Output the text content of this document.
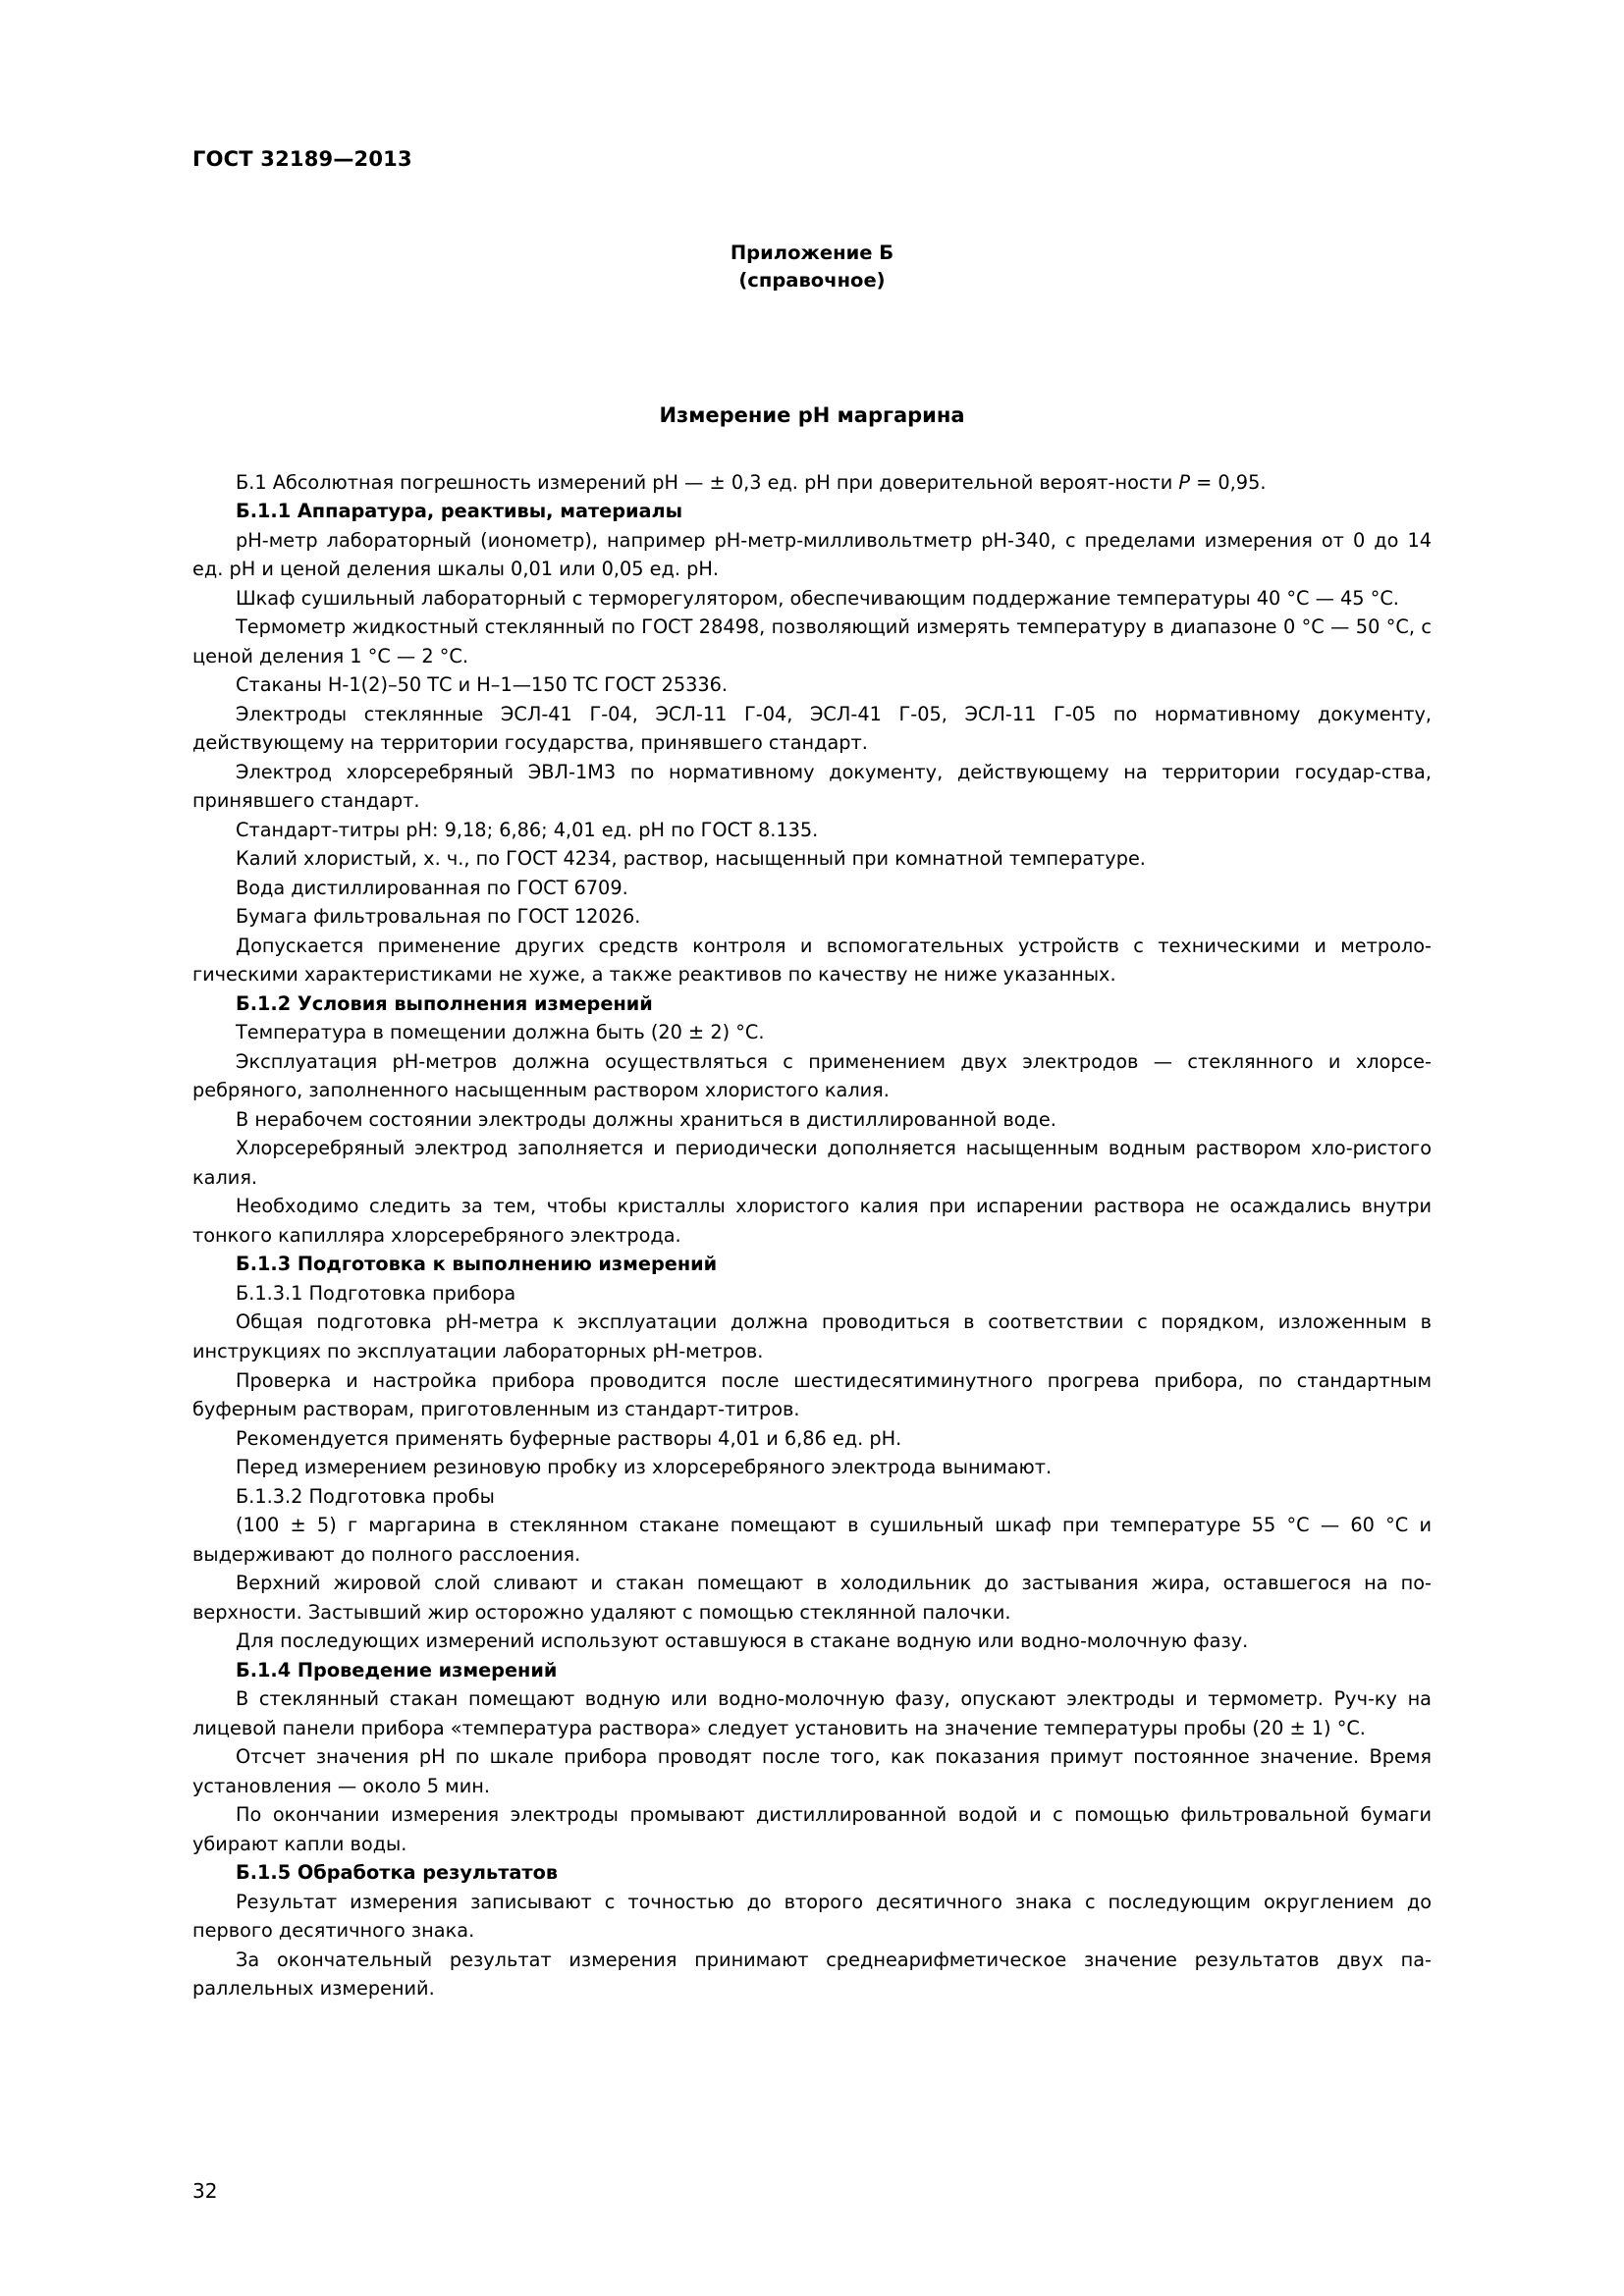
ГОСТ 32189—2013
Приложение Б
(справочное)
Измерение рН маргарина

Б.1 Абсолютная погрешность измерений рН — ± 0,3 ед. рН при доверительной вероят-ности P = 0,95.

Б.1.1 Аппаратура, реактивы, материалы

рН-метр лабораторный (ионометр), например рН-метр-милливольтметр рН-340, с пределами измерения от 0 до 14 ед. рН и ценой деления шкалы 0,01 или 0,05 ед. рН.

Шкаф сушильный лабораторный с терморегулятором, обеспечивающим поддержание температуры 40 °C — 45 °C.

Термометр жидкостный стеклянный по ГОСТ 28498, позволяющий измерять температуру в диапазоне 0 °C — 50 °C, с ценой деления 1 °C — 2 °C.

Стаканы Н-1(2)–50 ТС и Н–1—150 ТС ГОСТ 25336.

Электроды стеклянные ЭСЛ-41 Г-04, ЭСЛ-11 Г-04, ЭСЛ-41 Г-05, ЭСЛ-11 Г-05 по нормативному документу, действующему на территории государства, принявшего стандарт.

Электрод хлорсеребряный ЭВЛ-1М3 по нормативному документу, действующему на территории государ-ства, принявшего стандарт.

Стандарт-титры рН: 9,18; 6,86; 4,01 ед. рН по ГОСТ 8.135.

Калий хлористый, х. ч., по ГОСТ 4234, раствор, насыщенный при комнатной температуре.

Вода дистиллированная по ГОСТ 6709.

Бумага фильтровальная по ГОСТ 12026.

Допускается применение других средств контроля и вспомогательных устройств с техническими и метроло-гическими характеристиками не хуже, а также реактивов по качеству не ниже указанных.

Б.1.2 Условия выполнения измерений

Температура в помещении должна быть (20 ± 2) °C.

Эксплуатация рН-метров должна осуществляться с применением двух электродов — стеклянного и хлорсе-ребряного, заполненного насыщенным раствором хлористого калия.

В нерабочем состоянии электроды должны храниться в дистиллированной воде.

Хлорсеребряный электрод заполняется и периодически дополняется насыщенным водным раствором хло-ристого калия.

Необходимо следить за тем, чтобы кристаллы хлористого калия при испарении раствора не осаждались внутри тонкого капилляра хлорсеребряного электрода.

Б.1.3 Подготовка к выполнению измерений

Б.1.3.1 Подготовка прибора

Общая подготовка рН-метра к эксплуатации должна проводиться в соответствии с порядком, изложенным в инструкциях по эксплуатации лабораторных рН-метров.

Проверка и настройка прибора проводится после шестидесятиминутного прогрева прибора, по стандартным буферным растворам, приготовленным из стандарт-титров.

Рекомендуется применять буферные растворы 4,01 и 6,86 ед. рН.

Перед измерением резиновую пробку из хлорсеребряного электрода вынимают.

Б.1.3.2 Подготовка пробы

(100 ± 5) г маргарина в стеклянном стакане помещают в сушильный шкаф при температуре 55 °C — 60 °C и выдерживают до полного расслоения.

Верхний жировой слой сливают и стакан помещают в холодильник до застывания жира, оставшегося на по-верхности. Застывший жир осторожно удаляют с помощью стеклянной палочки.

Для последующих измерений используют оставшуюся в стакане водную или водно-молочную фазу.

Б.1.4 Проведение измерений

В стеклянный стакан помещают водную или водно-молочную фазу, опускают электроды и термометр. Руч-ку на лицевой панели прибора «температура раствора» следует установить на значение температуры пробы (20 ± 1) °C.

Отсчет значения рН по шкале прибора проводят после того, как показания примут постоянное значение. Время установления — около 5 мин.

По окончании измерения электроды промывают дистиллированной водой и с помощью фильтровальной бумаги убирают капли воды.

Б.1.5 Обработка результатов

Результат измерения записывают с точностью до второго десятичного знака с последующим округлением до первого десятичного знака.

За окончательный результат измерения принимают среднеарифметическое значение результатов двух па-раллельных измерений.

32
